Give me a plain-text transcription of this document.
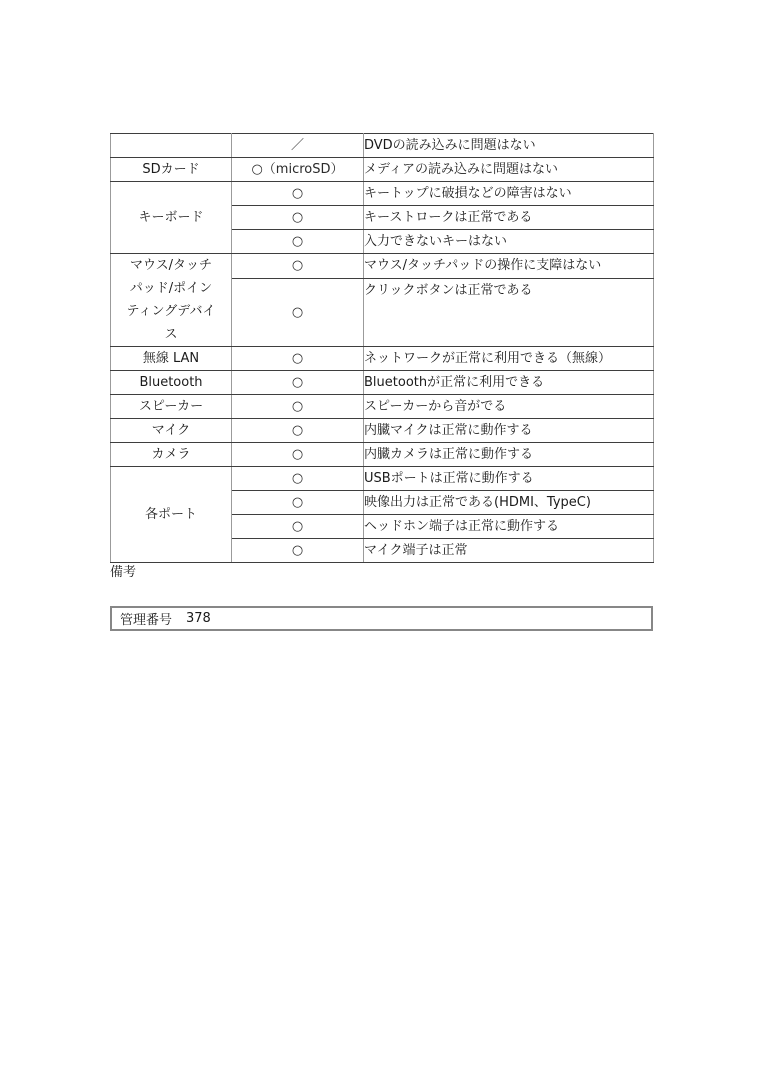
	／	DVDの読み込みに問題はない
SDカード	○（microSD）	メディアの読み込みに問題はない
キーボード	○	キートップに破損などの障害はない
	○	キーストロークは正常である
	○	入力できないキーはない

マウス/タッチパッド/ポインティングデバイス	○	マウス/タッチパッドの操作に支障はない
	○	クリックボタンは正常である
無線 LAN	○	ネットワークが正常に利用できる（無線）
Bluetooth	○	Bluetoothが正常に利用できる
スピーカー	○	スピーカーから音がでる
マイク	○	内臓マイクは正常に動作する
カメラ	○	内臓カメラは正常に動作する
各ポート	○	USBポートは正常に動作する
	○	映像出力は正常である(HDMI、TypeC)
	○	ヘッドホン端子は正常に動作する
	○	マイク端子は正常
備考
管理番号 378
